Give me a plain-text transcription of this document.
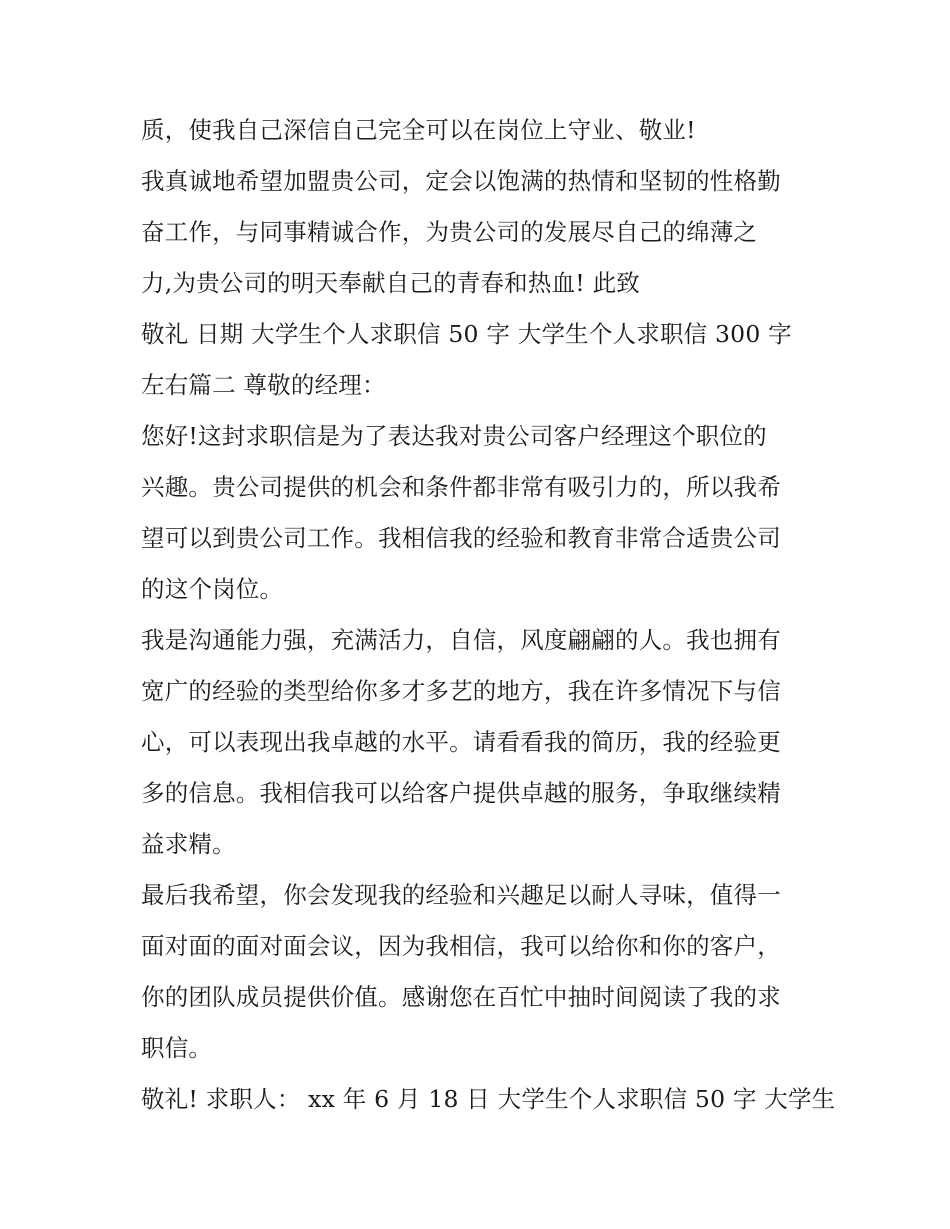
质，使我自己深信自己完全可以在岗位上守业、敬业!
我真诚地希望加盟贵公司，定会以饱满的热情和坚韧的性格勤
奋工作，与同事精诚合作，为贵公司的发展尽自己的绵薄之
力,为贵公司的明天奉献自己的青春和热血! 此致
敬礼 日期 大学生个人求职信 50 字 大学生个人求职信 300 字
左右篇二 尊敬的经理：
您好!这封求职信是为了表达我对贵公司客户经理这个职位的
兴趣。贵公司提供的机会和条件都非常有吸引力的，所以我希
望可以到贵公司工作。我相信我的经验和教育非常合适贵公司
的这个岗位。
我是沟通能力强，充满活力，自信，风度翩翩的人。我也拥有
宽广的经验的类型给你多才多艺的地方，我在许多情况下与信
心，可以表现出我卓越的水平。请看看我的简历，我的经验更
多的信息。我相信我可以给客户提供卓越的服务，争取继续精
益求精。
最后我希望，你会发现我的经验和兴趣足以耐人寻味，值得一
面对面的面对面会议，因为我相信，我可以给你和你的客户，
你的团队成员提供价值。感谢您在百忙中抽时间阅读了我的求
职信。
敬礼! 求职人： xx 年 6 月 18 日 大学生个人求职信 50 字 大学生
